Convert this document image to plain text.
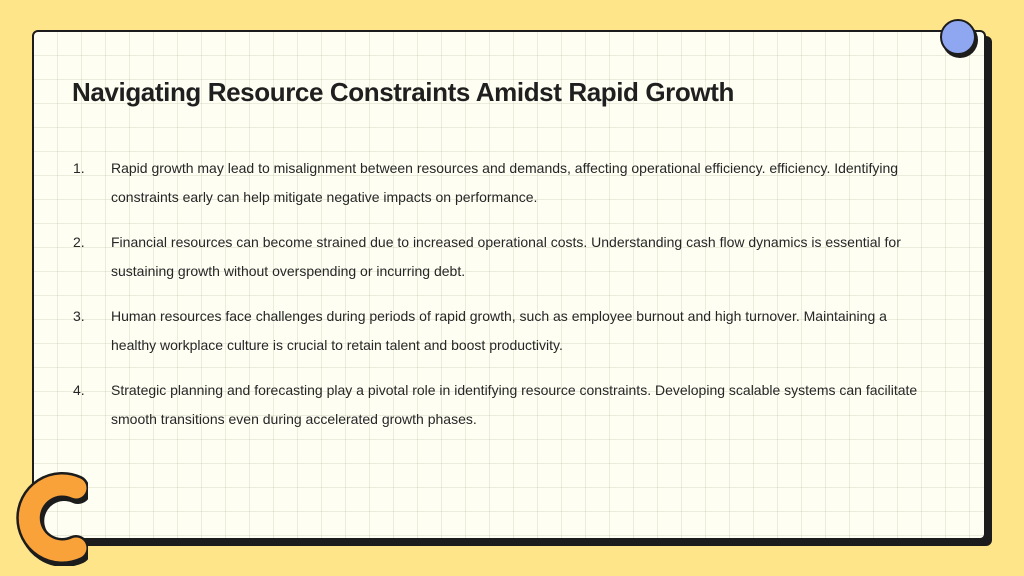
Navigating Resource Constraints Amidst Rapid Growth
1. Rapid growth may lead to misalignment between resources and demands, affecting operational efficiency. efficiency. Identifying constraints early can help mitigate negative impacts on performance.
2. Financial resources can become strained due to increased operational costs. Understanding cash flow dynamics is essential for sustaining growth without overspending or incurring debt.
3. Human resources face challenges during periods of rapid growth, such as employee burnout and high turnover. Maintaining a healthy workplace culture is crucial to retain talent and boost productivity.
4. Strategic planning and forecasting play a pivotal role in identifying resource constraints. Developing scalable systems can facilitate smooth transitions even during accelerated growth phases.
